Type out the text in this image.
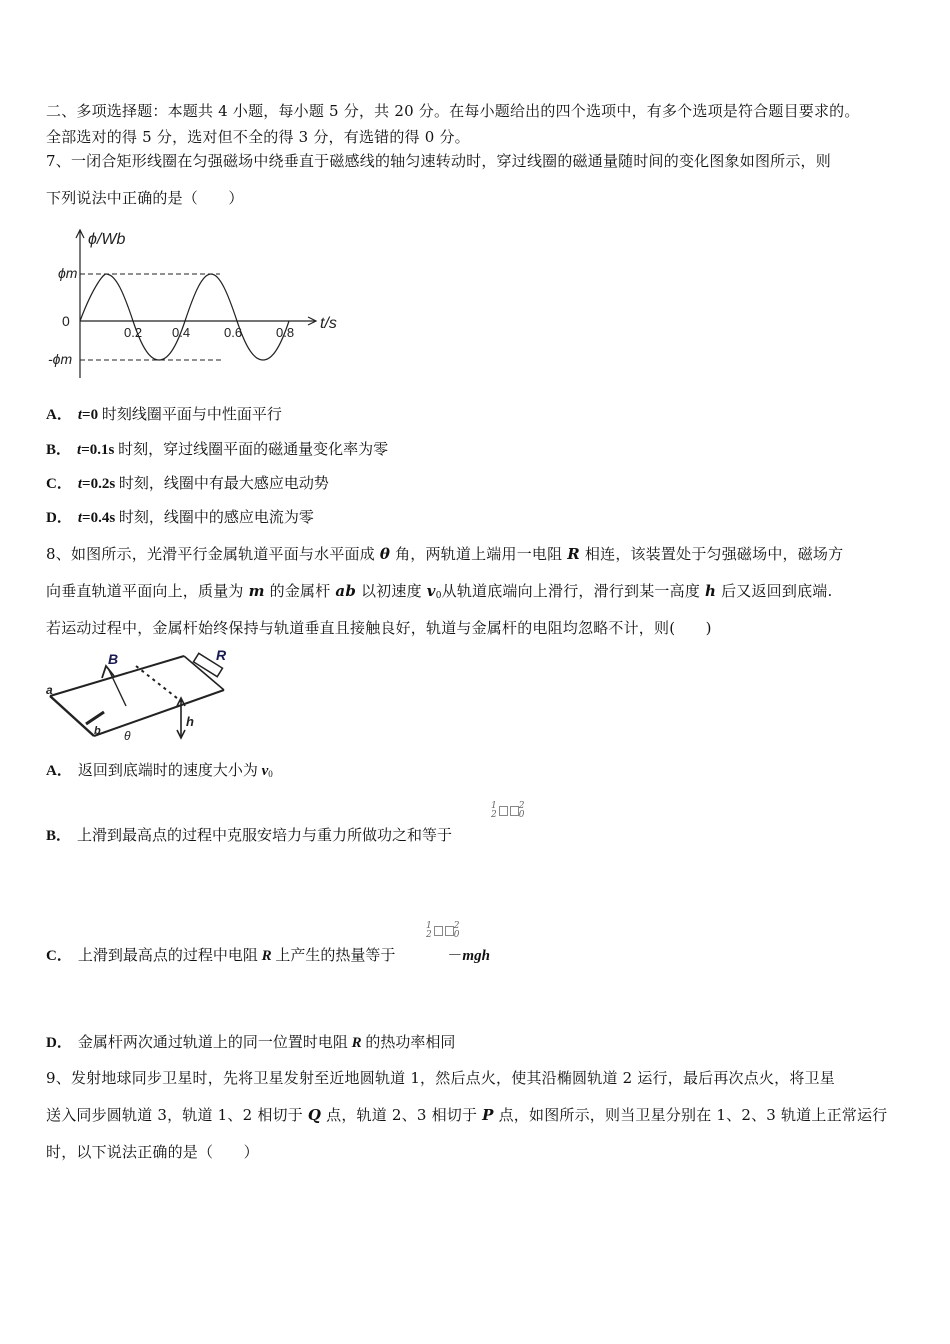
二、多项选择题：本题共 4 小题，每小题 5 分，共 20 分。在每小题给出的四个选项中，有多个选项是符合题目要求的。
全部选对的得 5 分，选对但不全的得 3 分，有选错的得 0 分。
7、一闭合矩形线圈在匀强磁场中绕垂直于磁感线的轴匀速转动时，穿过线圈的磁通量随时间的变化图象如图所示，则
下列说法中正确的是（　　）
0
ϕm
-ϕm
ϕ/Wb
t/s
0.2 0.4	0.6	0.8
A． t=0 时刻线圈平面与中性面平行
B． t=0.1s 时刻，穿过线圈平面的磁通量变化率为零
C． t=0.2s 时刻，线圈中有最大感应电动势
D． t=0.4s 时刻，线圈中的感应电流为零
8、如图所示，光滑平行金属轨道平面与水平面成 θ 角，两轨道上端用一电阻 R 相连，该装置处于匀强磁场中，磁场方
向垂直轨道平面向上，质量为 m 的金属杆 ab 以初速度 $v_0$从轨道底端向上滑行，滑行到某一高度 h 后又返回到底端.
若运动过程中，金属杆始终保持与轨道垂直且接触良好，轨道与金属杆的电阻均忽略不计，则(　　)
B	R
a
b θ
h
A． 返回到底端时的速度大小为 $v_0$
B． 上滑到最高点的过程中克服安培力与重力所做功之和等于
1
22
0
C． 上滑到最高点的过程中电阻 R 上产生的热量等于	－mgh
1
22
0
D． 金属杆两次通过轨道上的同一位置时电阻 R 的热功率相同
9、发射地球同步卫星时，先将卫星发射至近地圆轨道 1，然后点火，使其沿椭圆轨道 2 运行，最后再次点火，将卫星
送入同步圆轨道 3，轨道 1、2 相切于 Q 点，轨道 2、3 相切于 P 点，如图所示，则当卫星分别在 1、2、3 轨道上正常运行
时，以下说法正确的是（　　）
